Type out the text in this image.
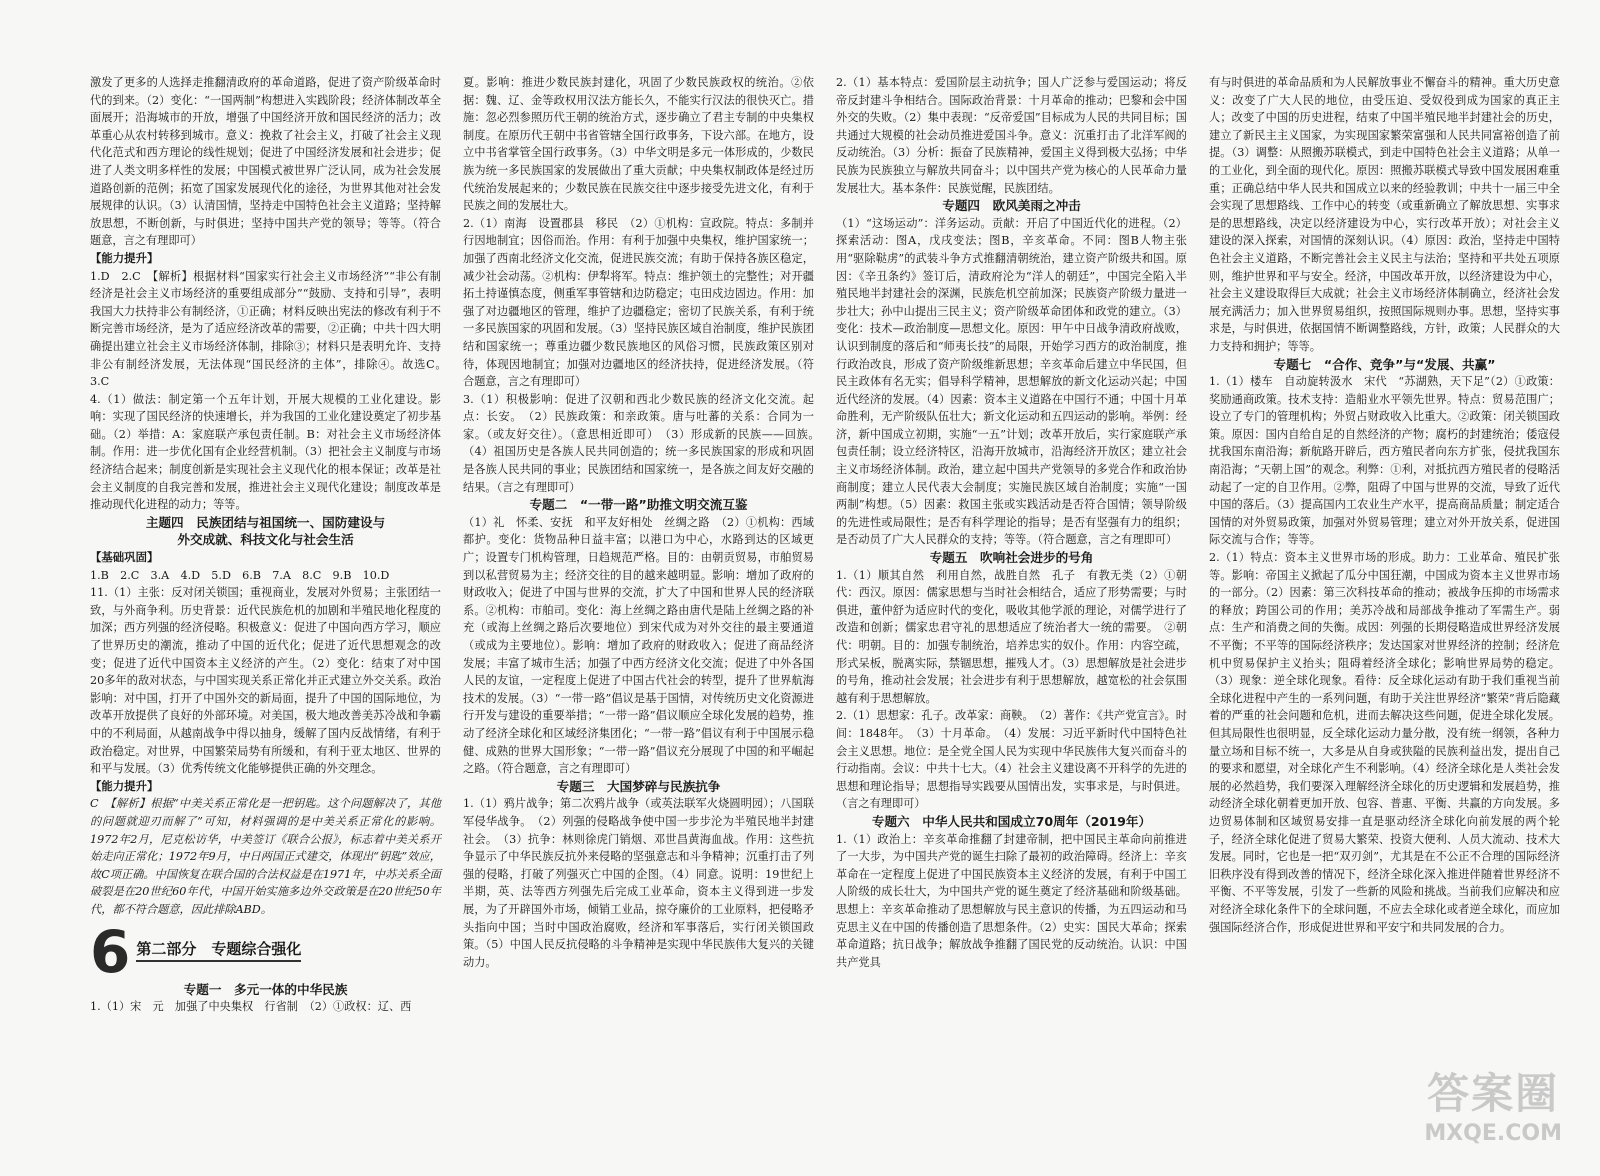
激发了更多的人选择走推翻清政府的革命道路，促进了资产阶级革命时代的到来。（2）变化：“一国两制”构想进入实践阶段；经济体制改革全面展开；沿海城市的开放，增强了中国经济开放和国民经济的活力；改革重心从农村转移到城市。意义：挽救了社会主义，打破了社会主义现代化范式和西方理论的线性规划；促进了中国经济发展和社会进步；促进了人类文明多样性的发展；中国模式被世界广泛认同，成为社会发展道路创新的范例；拓宽了国家发展现代化的途径，为世界其他对社会发展规律的认识。（3）认清国情，坚持走中国特色社会主义道路；坚持解放思想，不断创新，与时俱进；坚持中国共产党的领导；等等。（符合题意，言之有理即可）

【能力提升】

1.D　2.C　【解析】根据材料“国家实行社会主义市场经济”“非公有制经济是社会主义市场经济的重要组成部分”“鼓励、支持和引导”，表明我国大力扶持非公有制经济，①正确；材料反映出宪法的修改有利于不断完善市场经济，是为了适应经济改革的需要，②正确；中共十四大明确提出建立社会主义市场经济体制，排除③；材料只是表明允许、支持非公有制经济发展，无法体现“国民经济的主体”，排除④。故选C。　3.C

4.（1）做法：制定第一个五年计划，开展大规模的工业化建设。影响：实现了国民经济的快速增长，并为我国的工业化建设奠定了初步基础。（2）举措：A：家庭联产承包责任制。B：对社会主义市场经济体制。作用：进一步优化国有企业经营机制。（3）把社会主义制度与市场经济结合起来；制度创新是实现社会主义现代化的根本保证；改革是社会主义制度的自我完善和发展，推进社会主义现代化建设；制度改革是推动现代化进程的动力；等等。

主题四　民族团结与祖国统一、国防建设与

外交成就、科技文化与社会生活

【基础巩固】

1.B　2.C　3.A　4.D　5.D　6.B　7.A　8.C　9.B　10.D

11.（1）主张：反对闭关锁国；重视商业，发展对外贸易；主张团结一致，与外商争利。历史背景：近代民族危机的加剧和半殖民地化程度的加深；西方列强的经济侵略。积极意义：促进了中国向西方学习，顺应了世界历史的潮流，推动了中国的近代化；促进了近代思想观念的改变；促进了近代中国资本主义经济的产生。（2）变化：结束了对中国20多年的敌对状态，与中国实现关系正常化并正式建立外交关系。政治影响：对中国，打开了中国外交的新局面，提升了中国的国际地位，为改革开放提供了良好的外部环境。对美国，极大地改善美苏冷战和争霸中的不利局面，从越南战争中得以抽身，缓解了国内反战情绪，有利于政治稳定。对世界，中国繁荣局势有所缓和，有利于亚太地区、世界的和平与发展。（3）优秀传统文化能够提供正确的外交理念。

【能力提升】

C　【解析】根据“中美关系正常化是一把钥匙。这个问题解决了，其他的问题就迎刃而解了”可知，材料强调的是中美关系正常化的影响。1972年2月，尼克松访华，中美签订《联合公报》，标志着中美关系开始走向正常化；1972年9月，中日两国正式建交，体现出“钥匙”效应，故C项正确。中国恢复在联合国的合法权益是在1971年，中苏关系全面破裂是在20世纪60年代，中国开始实施多边外交政策是在20世纪50年代，都不符合题意，因此排除ABD。

6 第二部分　专题综合强化

专题一　多元一体的中华民族

1.（1）宋　元　加强了中央集权　行省制　（2）①政权：辽、西

夏。影响：推进少数民族封建化，巩固了少数民族政权的统治。②依据：魏、辽、金等政权用汉法方能长久，不能实行汉法的很快灭亡。措施：忽必烈参照历代王朝的统治方式，逐步确立了君主专制的中央集权制度。在原历代王朝中书省管辖全国行政事务，下设六部。在地方，设立中书省掌管全国行政事务。（3）中华文明是多元一体形成的，少数民族为统一多民族国家的发展做出了重大贡献；中央集权制政体是经过历代统治发展起来的；少数民族在民族交往中逐步接受先进文化，有利于民族之间的发展壮大。

2.（1）南海　设置郡县　移民　（2）①机构：宣政院。特点：多制并行因地制宜；因俗而治。作用：有利于加强中央集权，维护国家统一；加强了西南北经济文化交流，促进民族交流；有助于保持各族区稳定，减少社会动荡。②机构：伊犁将军。特点：维护领土的完整性；对开疆拓土持谨慎态度，侧重军事管辖和边防稳定；屯田戍边固边。作用：加强了对边疆地区的管理，维护了边疆稳定；密切了民族关系，有利于统一多民族国家的巩固和发展。（3）坚持民族区域自治制度，维护民族团结和国家统一；尊重边疆少数民族地区的风俗习惯，民族政策区别对待，体现因地制宜；加强对边疆地区的经济扶持，促进经济发展。（符合题意，言之有理即可）

3.（1）积极影响：促进了汉朝和西北少数民族的经济文化交流。起点：长安。　（2）民族政策：和亲政策。唐与吐蕃的关系：合同为一家。（或友好交往）。（意思相近即可）　（3）形成新的民族——回族。　（4）祖国历史是各族人民共同创造的；统一多民族国家的形成和巩固是各族人民共同的事业；民族团结和国家统一，是各族之间友好交融的结果。（言之有理即可）

专题二　“一带一路”助推文明交流互鉴

（1）礼　怀柔、安抚　和平友好相处　丝绸之路　（2）①机构：西域都护。变化：货物品种日益丰富；以港口为中心，水路到达的区域更广；设置专门机构管理，日趋规范严格。目的：由朝贡贸易，市舶贸易到以私营贸易为主；经济交往的目的越来越明显。影响：增加了政府的财政收入；促进了中国与世界的交流，扩大了中国和世界人民的经济联系。②机构：市舶司。变化：海上丝绸之路由唐代是陆上丝绸之路的补充（或海上丝绸之路后次要地位）到宋代成为对外交往的最主要通道（或成为主要地位）。影响：增加了政府的财政收入；促进了商品经济发展；丰富了城市生活；加强了中西方经济文化交流；促进了中外各国人民的友谊，一定程度上促进了中国古代社会的转型，提升了世界航海技术的发展。（3）“一带一路”倡议是基于国情，对传统历史文化资源进行开发与建设的重要举措；“一带一路”倡议顺应全球化发展的趋势，推动了经济全球化和区域经济集团化；“一带一路”倡议有利于中国展示稳健、成熟的世界大国形象；“一带一路”倡议充分展现了中国的和平崛起之路。（符合题意，言之有理即可）

专题三　大国梦碎与民族抗争

1.（1）鸦片战争；第二次鸦片战争（或英法联军火烧圆明园）；八国联军侵华战争。　（2）列强的侵略战争使中国一步步沦为半殖民地半封建社会。　（3）抗争：林则徐虎门销烟、邓世昌黄海血战。作用：这些抗争显示了中华民族反抗外来侵略的坚强意志和斗争精神；沉重打击了列强的侵略，打破了列强灭亡中国的企图。（4）同意。说明：19世纪上半期，英、法等西方列强先后完成工业革命，资本主义得到进一步发展，为了开辟国外市场，倾销工业品，掠夺廉价的工业原料，把侵略矛头指向中国；当时中国政治腐败，经济和军事落后，实行闭关锁国政策。（5）中国人民反抗侵略的斗争精神是实现中华民族伟大复兴的关键动力。

2.（1）基本特点：爱国阶层主动抗争；国人广泛参与爱国运动；将反帝反封建斗争相结合。国际政治背景：十月革命的推动；巴黎和会中国外交的失败。（2）集中表现：“反帝爱国”目标成为人民的共同目标；国共通过大规模的社会动员推进爱国斗争。意义：沉重打击了北洋军阀的反动统治。（3）分析：振奋了民族精神，爱国主义得到极大弘扬；中华民族为民族独立与解放共同奋斗；以中国共产党为核心的人民革命力量发展壮大。基本条件：民族觉醒，民族团结。

专题四　欧风美雨之冲击

（1）“这场运动”：洋务运动。贡献：开启了中国近代化的进程。（2）探索活动：图A，戊戌变法；图B，辛亥革命。不同：图B人物主张用“驱除鞑虏”的武装斗争方式推翻清朝统治，建立资产阶级共和国。原因：《辛丑条约》签订后，清政府沦为“洋人的朝廷”，中国完全陷入半殖民地半封建社会的深渊，民族危机空前加深；民族资产阶级力量进一步壮大；孙中山提出三民主义；资产阶级革命团体和政党的建立。（3）变化：技术—政治制度—思想文化。原因：甲午中日战争清政府战败，认识到制度的落后和“师夷长技”的局限，开始学习西方的政治制度，推行政治改良，形成了资产阶级维新思想；辛亥革命后建立中华民国，但民主政体有名无实；倡导科学精神，思想解放的新文化运动兴起；中国近代经济的发展。（4）因素：资本主义道路在中国行不通；中国十月革命胜利，无产阶级队伍壮大；新文化运动和五四运动的影响。举例：经济，新中国成立初期，实施“一五”计划；改革开放后，实行家庭联产承包责任制；设立经济特区，沿海开放城市，沿海经济开放区；建立社会主义市场经济体制。政治，建立起中国共产党领导的多党合作和政治协商制度；建立人民代表大会制度；实施民族区域自治制度；实施“一国两制”构想。（5）因素：救国主张或实践活动是否符合国情；领导阶级的先进性或局限性；是否有科学理论的指导；是否有坚强有力的组织；是否动员了广大人民群众的支持；等等。（符合题意，言之有理即可）

专题五　吹响社会进步的号角

1.（1）顺其自然　利用自然，战胜自然　孔子　有教无类（2）①朝代：西汉。原因：儒家思想与当时社会相结合，适应了形势需要；与时俱进，董仲舒为适应时代的变化，吸收其他学派的理论，对儒学进行了改造和创新；儒家忠君守礼的思想适应了统治者大一统的需要。　②朝代：明朝。目的：加强专制统治，培养忠实的奴仆。作用：内容空疏，形式呆板，脱离实际，禁锢思想，摧残人才。（3）思想解放是社会进步的号角，推动社会发展；社会进步有利于思想解放，越宽松的社会氛围越有利于思想解放。

2.（1）思想家：孔子。改革家：商鞅。　（2）著作：《共产党宣言》。时间：1848年。　（3）十月革命。　（4）发展：习近平新时代中国特色社会主义思想。地位：是全党全国人民为实现中华民族伟大复兴而奋斗的行动指南。会议：中共十七大。（4）社会主义建设离不开科学的先进的思想和理论指导；思想指导实践要从国情出发，实事求是，与时俱进。（言之有理即可）

专题六　中华人民共和国成立70周年（2019年）

1.（1）政治上：辛亥革命推翻了封建帝制，把中国民主革命向前推进了一大步，为中国共产党的诞生扫除了最初的政治障碍。经济上：辛亥革命在一定程度上促进了中国民族资本主义经济的发展，有利于中国工人阶级的成长壮大，为中国共产党的诞生奠定了经济基础和阶级基础。思想上：辛亥革命推动了思想解放与民主意识的传播，为五四运动和马克思主义在中国的传播创造了思想条件。（2）史实：国民大革命；探索革命道路；抗日战争；解放战争推翻了国民党的反动统治。认识：中国共产党具

有与时俱进的革命品质和为人民解放事业不懈奋斗的精神。重大历史意义：改变了广大人民的地位，由受压迫、受奴役到成为国家的真正主人；改变了中国的历史进程，结束了中国半殖民地半封建社会的历史，建立了新民主主义国家，为实现国家繁荣富强和人民共同富裕创造了前提。（3）调整：从照搬苏联模式，到走中国特色社会主义道路；从单一的工业化，到全面的现代化。原因：照搬苏联模式导致中国发展困难重重；正确总结中华人民共和国成立以来的经验教训；中共十一届三中全会实现了思想路线、工作中心的转变（或重新确立了解放思想、实事求是的思想路线，决定以经济建设为中心，实行改革开放）；对社会主义建设的深入探索，对国情的深刻认识。（4）原因：政治，坚持走中国特色社会主义道路，不断完善社会主义民主与法治；坚持和平共处五项原则，维护世界和平与安全。经济，中国改革开放，以经济建设为中心，社会主义建设取得巨大成就；社会主义市场经济体制确立，经济社会发展充满活力；加入世界贸易组织，按照国际规则办事。思想，坚持实事求是，与时俱进，依据国情不断调整路线，方针，政策；人民群众的大力支持和拥护；等等。

专题七　“合作、竞争”与“发展、共赢”

1.（1）楼车　自动旋转汲水　宋代　“苏湖熟，天下足”（2）①政策：奖励通商政策。技术支持：造船业水平领先世界。特点：贸易范围广；设立了专门的管理机构；外贸占财政收入比重大。②政策：闭关锁国政策。原因：国内自给自足的自然经济的产物；腐朽的封建统治；倭寇侵扰我国东南沿海；新航路开辟后，西方殖民者向东方扩张，侵扰我国东南沿海；“天朝上国”的观念。利弊：①利，对抵抗西方殖民者的侵略活动起了一定的自卫作用。②弊，阻碍了中国与世界的交流，导致了近代中国的落后。（3）提高国内工农业生产水平，提高商品质量；制定适合国情的对外贸易政策，加强对外贸易管理；建立对外开放关系，促进国际交流与合作；等等。

2.（1）特点：资本主义世界市场的形成。助力：工业革命、殖民扩张等。影响：帝国主义掀起了瓜分中国狂潮，中国成为资本主义世界市场的一部分。（2）因素：第三次科技革命的推动；被战争压抑的市场需求的释放；跨国公司的作用；美苏冷战和局部战争推动了军需生产。弱点：生产和消费之间的失衡。成因：列强的长期侵略造成世界经济发展不平衡；不平等的国际经济秩序；发达国家对世界经济的控制；经济危机中贸易保护主义抬头；阻碍着经济全球化；影响世界局势的稳定。（3）现象：逆全球化现象。看待：反全球化运动有助于我们重视当前全球化进程中产生的一系列问题，有助于关注世界经济“繁荣”背后隐藏着的严重的社会问题和危机，进而去解决这些问题，促进全球化发展。但其局限性也很明显，反全球化运动力量分散，没有统一纲领，各种力量立场和目标不统一，大多是从自身或狭隘的民族利益出发，提出自己的要求和愿望，对全球化产生不利影响。（4）经济全球化是人类社会发展的必然趋势，我们要深入理解经济全球化的历史逻辑和发展趋势，推动经济全球化朝着更加开放、包容、普惠、平衡、共赢的方向发展。多边贸易体制和区域贸易安排一直是驱动经济全球化向前发展的两个轮子，经济全球化促进了贸易大繁荣、投资大便利、人员大流动、技术大发展。同时，它也是一把“双刃剑”，尤其是在不公正不合理的国际经济旧秩序没有得到改善的情况下，经济全球化深入推进伴随着世界经济不平衡、不平等发展，引发了一些新的风险和挑战。当前我们应解决和应对经济全球化条件下的全球问题，不应去全球化或者逆全球化，而应加强国际经济合作，形成促进世界和平安宁和共同发展的合力。

答案圈
MXQE.COM
